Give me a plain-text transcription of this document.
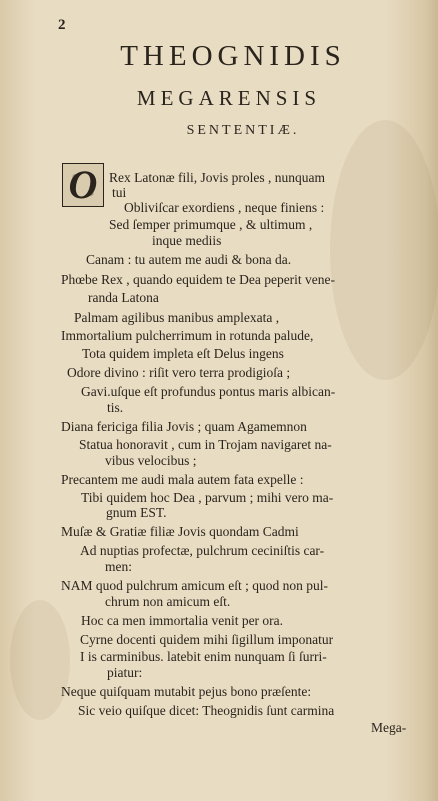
2
THEOGNIDIS
MEGARENSIS
SENTENTIÆ.
O Rex Latonæ fili, Jovis proles , nunquam
tui
Obliviſcar exordiens , neque finiens :
Sed ſemper primumque , & ultimum ,
inque mediis
Canam : tu autem me audi & bona da.
Phœbe Rex , quando equidem te Dea peperit vene-
randa Latona
Palmam agilibus manibus amplexata ,
Immortalium pulcherrimum in rotunda palude,
Tota quidem impleta eſt Delus ingens
Odore divino : riſit vero terra prodigioſa ;
Gavi.uſque eſt profundus pontus maris albican-
tis.
Diana fericiga filia Jovis ; quam Agamemnon
Statua honoravit , cum in Trojam navigaret na-
vibus velocibus ;
Precantem me audi mala autem fata expelle :
Tibi quidem hoc Dea , parvum ; mihi vero ma-
gnum EST.
Muſæ & Gratiæ filiæ Jovis quondam Cadmi
Ad nuptias profectæ, pulchrum ceciniſtis car-
men:
NAM quod pulchrum amicum eſt ; quod non pul-
chrum non amicum eſt.
Hoc ca men immortalia venit per ora.
Cyrne docenti quidem mihi ſigillum imponatur
I is carminibus. latebit enim nunquam ſi ſurri-
piatur:
Neque quiſquam mutabit pejus bono præſente:
Sic veio quiſque dicet: Theognidis ſunt carmina
Mega-
